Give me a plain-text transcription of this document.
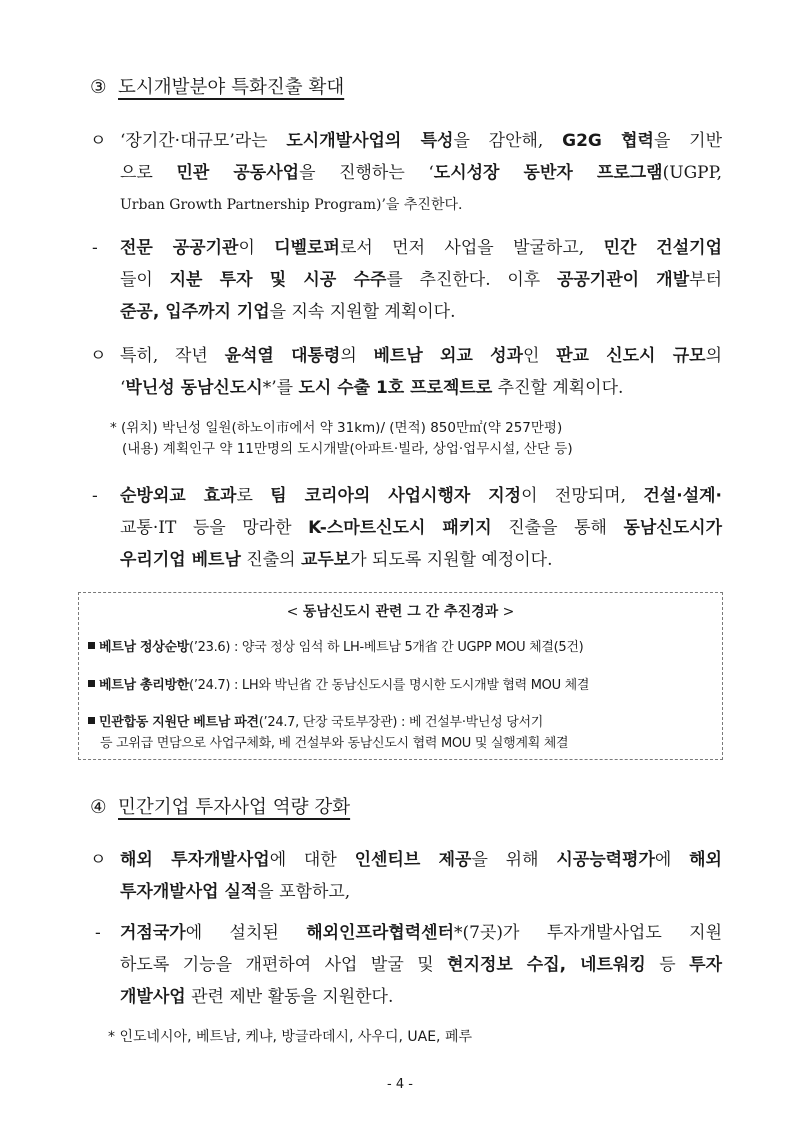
③ 도시개발분야 특화진출 확대
ㅇ ‘장기간·대규모’라는 도시개발사업의 특성을 감안해, G2G 협력을 기반
으로 민관 공동사업을 진행하는 ‘도시성장 동반자 프로그램(UGPP,
Urban Growth Partnership Program)’을 추진한다.
- 전문 공공기관이 디벨로퍼로서 먼저 사업을 발굴하고, 민간 건설기업
들이 지분 투자 및 시공 수주를 추진한다. 이후 공공기관이 개발부터
준공, 입주까지 기업을 지속 지원할 계획이다.
ㅇ 특히, 작년 윤석열 대통령의 베트남 외교 성과인 판교 신도시 규모의
‘박닌성 동남신도시*’를 도시 수출 1호 프로젝트로 추진할 계획이다.
* (위치) 박닌성 일원(하노이市에서 약 31km)/ (면적) 850만㎡(약 257만평)
(내용) 계획인구 약 11만명의 도시개발(아파트·빌라, 상업·업무시설, 산단 등)
- 순방외교 효과로 팀 코리아의 사업시행자 지정이 전망되며, 건설·설계·
교통·IT 등을 망라한 K-스마트신도시 패키지 진출을 통해 동남신도시가
우리기업 베트남 진출의 교두보가 되도록 지원할 예정이다.
< 동남신도시 관련 그 간 추진경과 >
베트남 정상순방(’23.6) : 양국 정상 임석 하 LH-베트남 5개省 간 UGPP MOU 체결(5건)
베트남 총리방한(’24.7) : LH와 박닌省 간 동남신도시를 명시한 도시개발 협력 MOU 체결
민관합동 지원단 베트남 파견(’24.7, 단장 국토부장관) : 베 건설부·박닌성 당서기
등 고위급 면담으로 사업구체화, 베 건설부와 동남신도시 협력 MOU 및 실행계획 체결
④ 민간기업 투자사업 역량 강화
ㅇ 해외 투자개발사업에 대한 인센티브 제공을 위해 시공능력평가에 해외
투자개발사업 실적을 포함하고,
- 거점국가에 설치된 해외인프라협력센터*(7곳)가 투자개발사업도 지원
하도록 기능을 개편하여 사업 발굴 및 현지정보 수집, 네트워킹 등 투자
개발사업 관련 제반 활동을 지원한다.
* 인도네시아, 베트남, 케냐, 방글라데시, 사우디, UAE, 페루
- 4 -
